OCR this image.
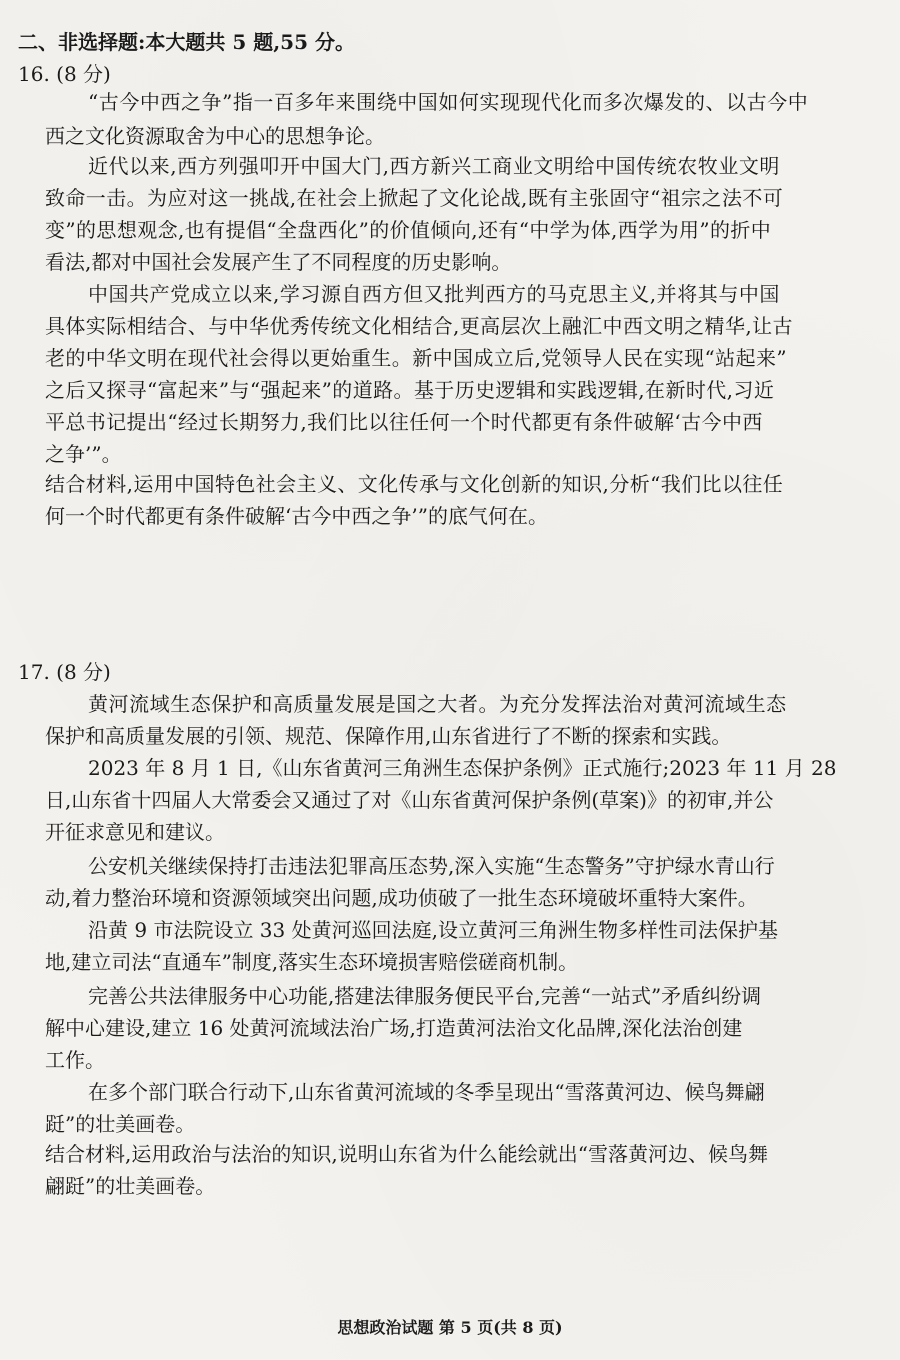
二、非选择题:本大题共 5 题,55 分。
16. (8 分)
“古今中西之争”指一百多年来围绕中国如何实现现代化而多次爆发的、以古今中
西之文化资源取舍为中心的思想争论。
近代以来,西方列强叩开中国大门,西方新兴工商业文明给中国传统农牧业文明
致命一击。为应对这一挑战,在社会上掀起了文化论战,既有主张固守“祖宗之法不可
变”的思想观念,也有提倡“全盘西化”的价值倾向,还有“中学为体,西学为用”的折中
看法,都对中国社会发展产生了不同程度的历史影响。
中国共产党成立以来,学习源自西方但又批判西方的马克思主义,并将其与中国
具体实际相结合、与中华优秀传统文化相结合,更高层次上融汇中西文明之精华,让古
老的中华文明在现代社会得以更始重生。新中国成立后,党领导人民在实现“站起来”
之后又探寻“富起来”与“强起来”的道路。基于历史逻辑和实践逻辑,在新时代,习近
平总书记提出“经过长期努力,我们比以往任何一个时代都更有条件破解‘古今中西
之争’”。
结合材料,运用中国特色社会主义、文化传承与文化创新的知识,分析“我们比以往任
何一个时代都更有条件破解‘古今中西之争’”的底气何在。
17. (8 分)
黄河流域生态保护和高质量发展是国之大者。为充分发挥法治对黄河流域生态
保护和高质量发展的引领、规范、保障作用,山东省进行了不断的探索和实践。
2023 年 8 月 1 日,《山东省黄河三角洲生态保护条例》正式施行;2023 年 11 月 28
日,山东省十四届人大常委会又通过了对《山东省黄河保护条例(草案)》的初审,并公
开征求意见和建议。
公安机关继续保持打击违法犯罪高压态势,深入实施“生态警务”守护绿水青山行
动,着力整治环境和资源领域突出问题,成功侦破了一批生态环境破坏重特大案件。
沿黄 9 市法院设立 33 处黄河巡回法庭,设立黄河三角洲生物多样性司法保护基
地,建立司法“直通车”制度,落实生态环境损害赔偿磋商机制。
完善公共法律服务中心功能,搭建法律服务便民平台,完善“一站式”矛盾纠纷调
解中心建设,建立 16 处黄河流域法治广场,打造黄河法治文化品牌,深化法治创建
工作。
在多个部门联合行动下,山东省黄河流域的冬季呈现出“雪落黄河边、候鸟舞翩
跹”的壮美画卷。
结合材料,运用政治与法治的知识,说明山东省为什么能绘就出“雪落黄河边、候鸟舞
翩跹”的壮美画卷。
思想政治试题 第 5 页(共 8 页)
